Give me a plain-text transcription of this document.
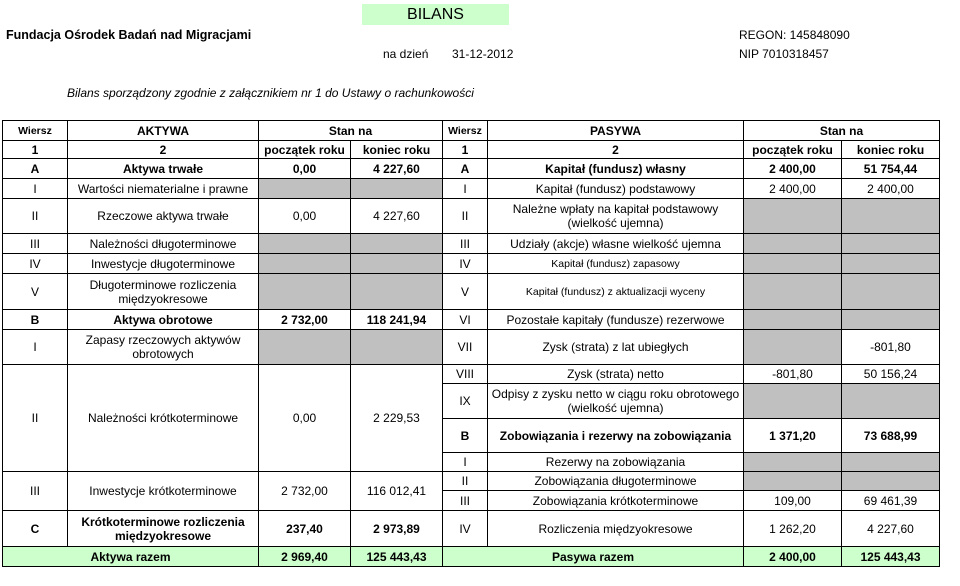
BILANS
Fundacja Ośrodek Badań nad Migracjami	REGON: 145848090
na dzień 31-12-2012	NIP 7010318457
Bilans sporządzony zgodnie z załącznikiem nr 1 do Ustawy o rachunkowości
Wiersz	AKTYWA	Stan na		Wiersz	PASYWA	Stan na	
1	2	początek roku	koniec roku	1	2	początek roku	koniec roku
A	Aktywa trwałe	0,00	4 227,60	A	Kapitał (fundusz) własny	2 400,00	51 754,44
I	Wartości niematerialne i prawne			I	Kapitał (fundusz) podstawowy	2 400,00	2 400,00
II	Rzeczowe aktywa trwałe	0,00	4 227,60	II	Należne wpłaty na kapitał podstawowy (wielkość ujemna)		
III	Należności długoterminowe			III	Udziały (akcje) własne wielkość ujemna		
IV	Inwestycje długoterminowe			IV	Kapitał (fundusz) zapasowy		
V	Długoterminowe rozliczenia międzyokresowe			V	Kapitał (fundusz) z aktualizacji wyceny		
B	Aktywa obrotowe	2 732,00	118 241,94	VI	Pozostałe kapitały (fundusze) rezerwowe		
I	Zapasy rzeczowych aktywów obrotowych			VII	Zysk (strata) z lat ubiegłych		-801,80
II	Należności krótkoterminowe	0,00	2 229,53	VIII	Zysk (strata) netto	-801,80	50 156,24
				IX	Odpisy z zysku netto w ciągu roku obrotowego (wielkość ujemna)		
				B	Zobowiązania i rezerwy na zobowiązania	1 371,20	73 688,99
				I	Rezerwy na zobowiązania		
III	Inwestycje krótkoterminowe	2 732,00	116 012,41	II	Zobowiązania długoterminowe		
				III	Zobowiązania krótkoterminowe	109,00	69 461,39
C	Krótkoterminowe rozliczenia międzyokresowe	237,40	2 973,89	IV	Rozliczenia międzyokresowe	1 262,20	4 227,60
Aktywa razem		2 969,40	125 443,43	Pasywa razem		2 400,00	125 443,43
